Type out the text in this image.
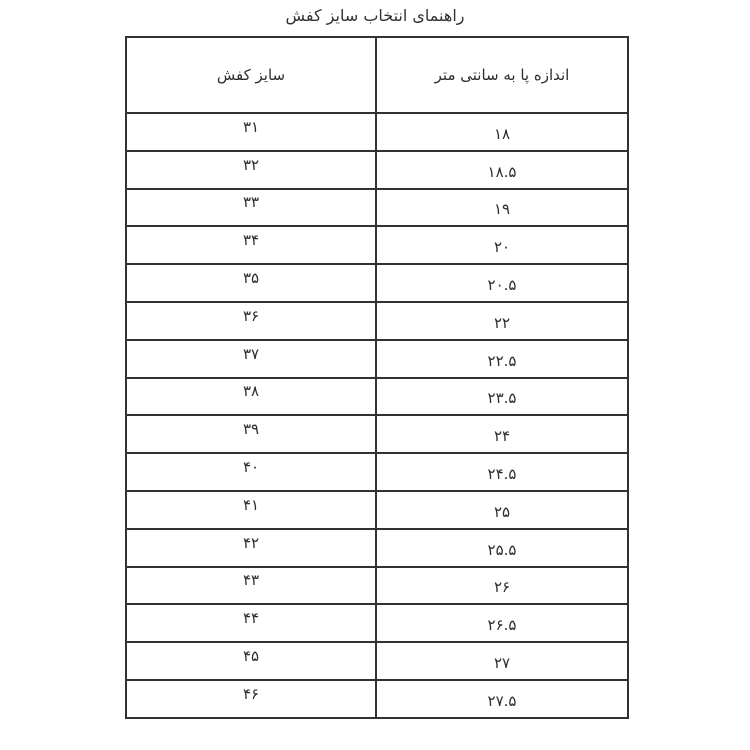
راهنمای انتخاب سایز کفش
سایز کفش	اندازه پا به سانتی متر
۳۱	۱۸
۳۲	۱۸.۵
۳۳	۱۹
۳۴	۲۰
۳۵	۲۰.۵
۳۶	۲۲
۳۷	۲۲.۵
۳۸	۲۳.۵
۳۹	۲۴
۴۰	۲۴.۵
۴۱	۲۵
۴۲	۲۵.۵
۴۳	۲۶
۴۴	۲۶.۵
۴۵	۲۷
۴۶	۲۷.۵
